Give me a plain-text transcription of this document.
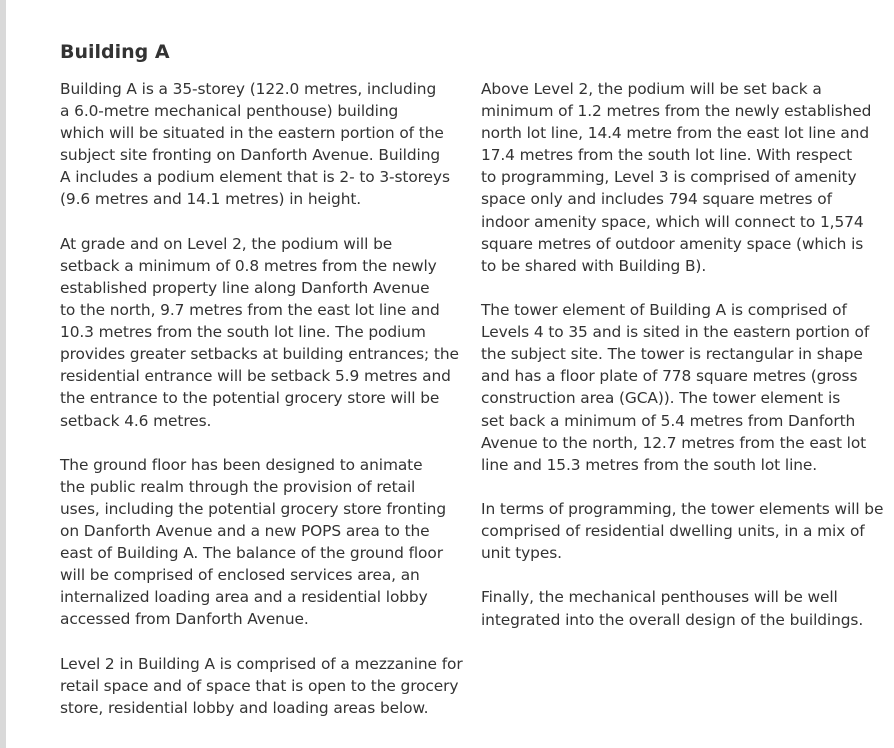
Building A

Building A is a 35-storey (122.0 metres, including
a 6.0-metre mechanical penthouse) building
which will be situated in the eastern portion of the
subject site fronting on Danforth Avenue. Building
A includes a podium element that is 2- to 3-storeys
(9.6 metres and 14.1 metres) in height.

At grade and on Level 2, the podium will be
setback a minimum of 0.8 metres from the newly
established property line along Danforth Avenue
to the north, 9.7 metres from the east lot line and
10.3 metres from the south lot line. The podium
provides greater setbacks at building entrances; the
residential entrance will be setback 5.9 metres and
the entrance to the potential grocery store will be
setback 4.6 metres.

The ground floor has been designed to animate
the public realm through the provision of retail
uses, including the potential grocery store fronting
on Danforth Avenue and a new POPS area to the
east of Building A. The balance of the ground floor
will be comprised of enclosed services area, an
internalized loading area and a residential lobby
accessed from Danforth Avenue.

Level 2 in Building A is comprised of a mezzanine for
retail space and of space that is open to the grocery
store, residential lobby and loading areas below.

Above Level 2, the podium will be set back a
minimum of 1.2 metres from the newly established
north lot line, 14.4 metre from the east lot line and
17.4 metres from the south lot line. With respect
to programming, Level 3 is comprised of amenity
space only and includes 794 square metres of
indoor amenity space, which will connect to 1,574
square metres of outdoor amenity space (which is
to be shared with Building B).

The tower element of Building A is comprised of
Levels 4 to 35 and is sited in the eastern portion of
the subject site. The tower is rectangular in shape
and has a floor plate of 778 square metres (gross
construction area (GCA)). The tower element is
set back a minimum of 5.4 metres from Danforth
Avenue to the north, 12.7 metres from the east lot
line and 15.3 metres from the south lot line.

In terms of programming, the tower elements will be
comprised of residential dwelling units, in a mix of
unit types.

Finally, the mechanical penthouses will be well
integrated into the overall design of the buildings.
